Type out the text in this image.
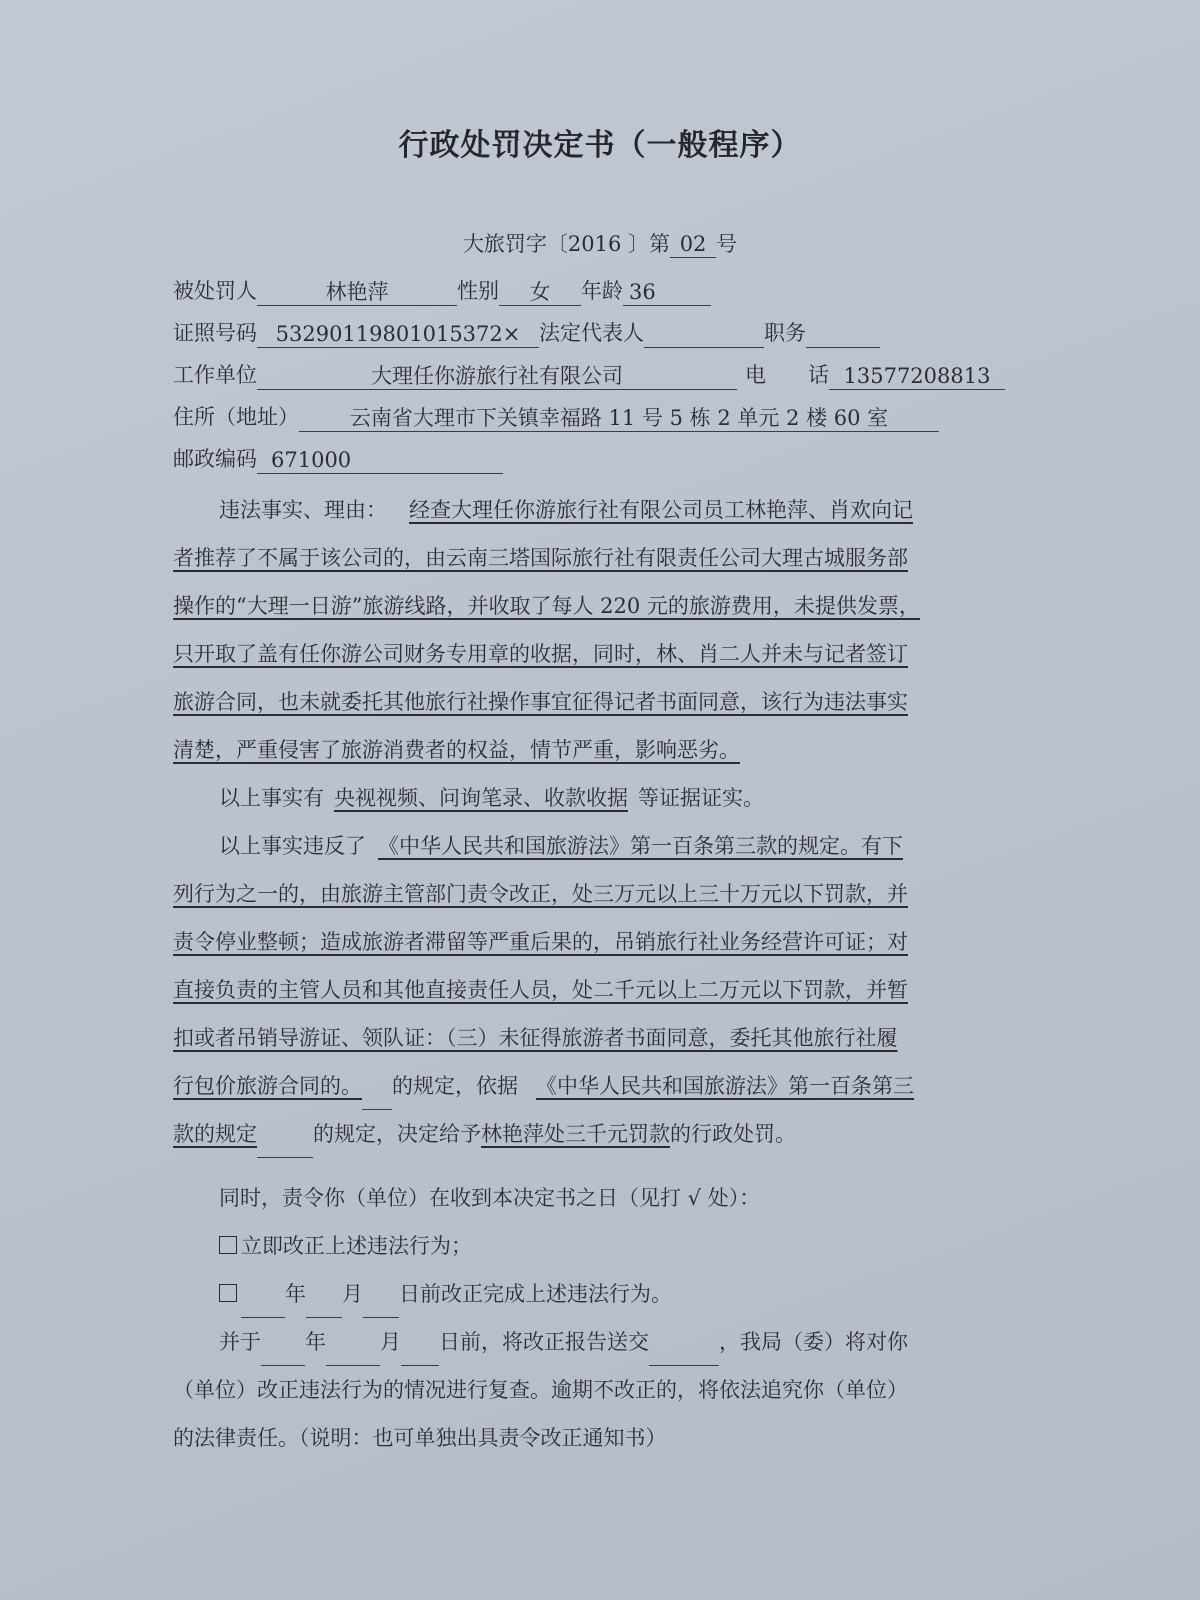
行政处罚决定书（一般程序）
大旅罚字〔2016 〕第 02 号
被处罚人	林艳萍	性别 女 年龄 36
证照号码 532901198010153​72× 法定代表人	职务
工作单位	大理任你游旅行社有限公司	电　　话 13577208813
住所（地址） 云南省大理市下关镇幸福路 11 号 5 栋 2 单元 2 楼 60 室
邮政编码 671000
违法事实、理由： 经查大理任你游旅行社有限公司员工林艳萍、肖欢向记
者推荐了不属于该公司的，由云南三塔国际旅行社有限责任公司大理古城服务部
操作的“大理一日游”旅游线路，并收取了每人 220 元的旅游费用，未提供发票，
只开取了盖有任你游公司财务专用章的收据，同时，林、肖二人并未与记者签订
旅游合同，也未就委托其他旅行社操作事宜征得记者书面同意，该行为违法事实
清楚，严重侵害了旅游消费者的权益，情节严重，影响恶劣。
以上事实有 央视视频、问询笔录、收款收据 等证据证实。
以上事实违反了 《中华人民共和国旅游法》第一百条第三款的规定。有下
列行为之一的，由旅游主管部门责令改正，处三万元以上三十万元以下罚款，并
责令停业整顿；造成旅游者滞留等严重后果的，吊销旅行社业务经营许可证；对
直接负责的主管人员和其他直接责任人员，处二千元以上二万元以下罚款，并暂
扣或者吊销导游证、领队证：（三）未征得旅游者书面同意，委托其他旅行社履
行包价旅游合同的。 的规定，依据 《中华人民共和国旅游法》第一百条第三
款的规定	的规定，决定给予林艳萍处三千元罚款的行政处罚。
同时，责令你（单位）在收到本决定书之日（见打 √ 处）：
立即改正上述违法行为；
年 月 日前改正完成上述违法行为。
并于 年	月 日前，将改正报告送交	，我局（委）将对你
（单位）改正违法行为的情况进行复查。逾期不改正的，将依法追究你（单位）
的法律责任。（说明：也可单独出具责令改正通知书）
